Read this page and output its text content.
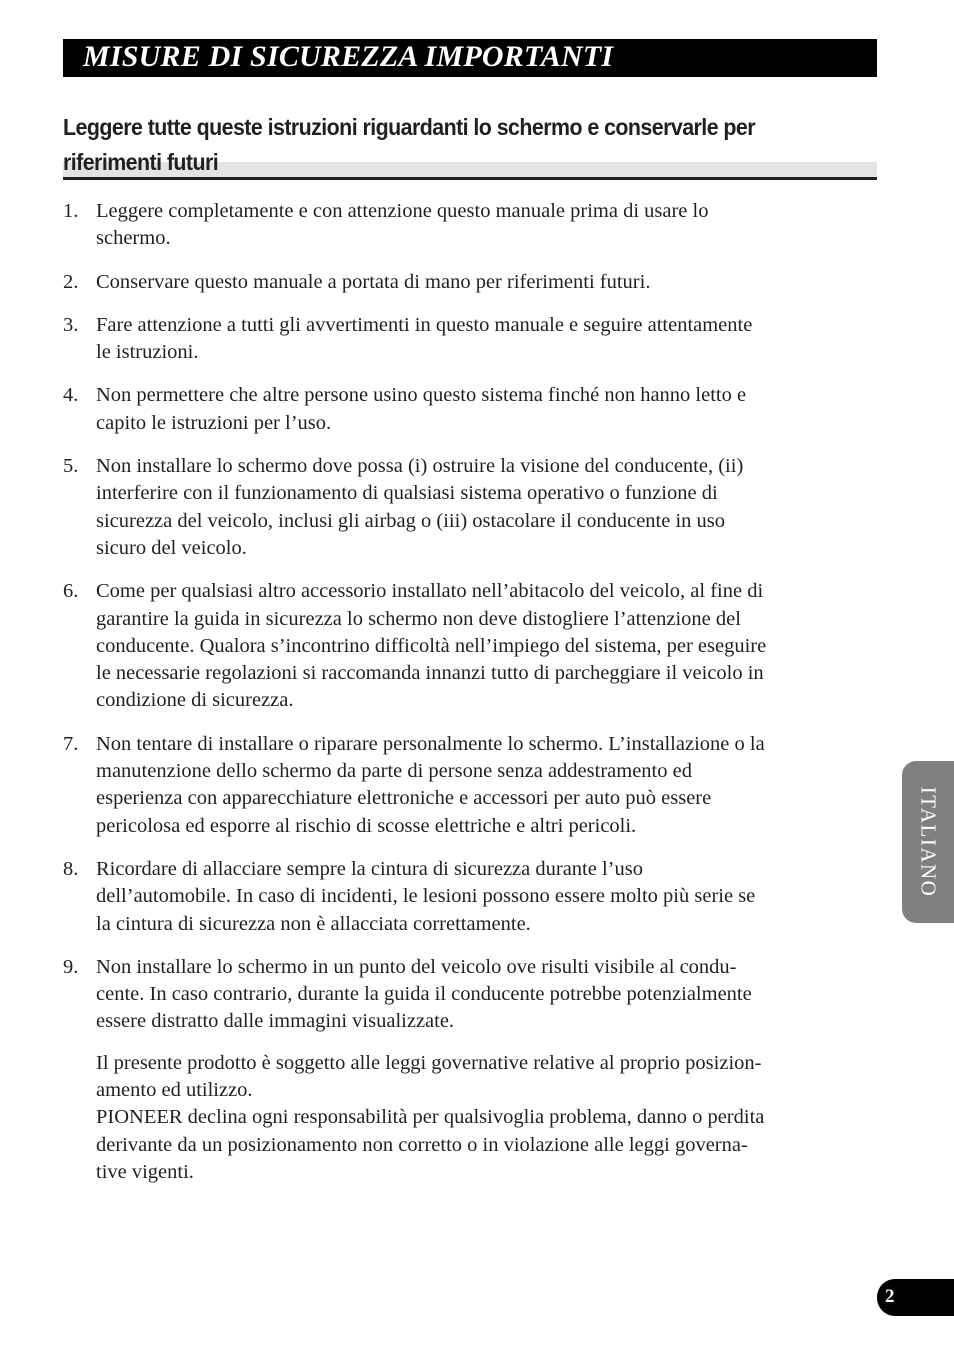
MISURE DI SICUREZZA IMPORTANTI
Leggere tutte queste istruzioni riguardanti lo schermo e conservarle per riferimenti futuri
1. Leggere completamente e con attenzione questo manuale prima di usare lo
schermo.
2. Conservare questo manuale a portata di mano per riferimenti futuri.
3. Fare attenzione a tutti gli avvertimenti in questo manuale e seguire attentamente
le istruzioni.
4. Non permettere che altre persone usino questo sistema finché non hanno letto e
capito le istruzioni per l’uso.
5. Non installare lo schermo dove possa (i) ostruire la visione del conducente, (ii)
interferire con il funzionamento di qualsiasi sistema operativo o funzione di
sicurezza del veicolo, inclusi gli airbag o (iii) ostacolare il conducente in uso
sicuro del veicolo.
6. Come per qualsiasi altro accessorio installato nell’abitacolo del veicolo, al fine di
garantire la guida in sicurezza lo schermo non deve distogliere l’attenzione del
conducente. Qualora s’incontrino difficoltà nell’impiego del sistema, per eseguire
le necessarie regolazioni si raccomanda innanzi tutto di parcheggiare il veicolo in
condizione di sicurezza.
7. Non tentare di installare o riparare personalmente lo schermo. L’installazione o la
manutenzione dello schermo da parte di persone senza addestramento ed
esperienza con apparecchiature elettroniche e accessori per auto può essere
pericolosa ed esporre al rischio di scosse elettriche e altri pericoli.
8. Ricordare di allacciare sempre la cintura di sicurezza durante l’uso
dell’automobile. In caso di incidenti, le lesioni possono essere molto più serie se
la cintura di sicurezza non è allacciata correttamente.
9. Non installare lo schermo in un punto del veicolo ove risulti visibile al condu-
cente. In caso contrario, durante la guida il conducente potrebbe potenzialmente
essere distratto dalle immagini visualizzate.

Il presente prodotto è soggetto alle leggi governative relative al proprio posizion-
amento ed utilizzo.

PIONEER declina ogni responsabilità per qualsivoglia problema, danno o perdita
derivante da un posizionamento non corretto o in violazione alle leggi governa-
tive vigenti.

ITALIANO
2
